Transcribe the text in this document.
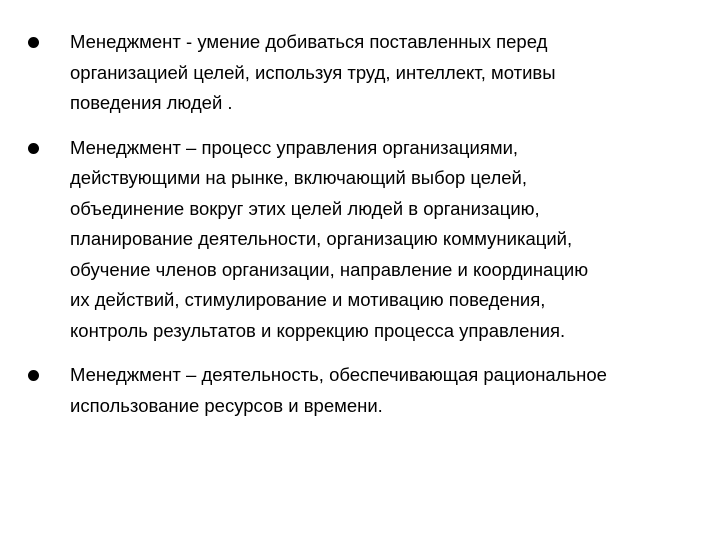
Менеджмент - умение добиваться поставленных перед
организацией целей, используя труд, интеллект, мотивы
поведения людей .
Менеджмент – процесс управления организациями,
действующими на рынке, включающий выбор целей,
объединение вокруг этих целей людей в организацию,
планирование деятельности, организацию коммуникаций,
обучение членов организации, направление и координацию
их действий, стимулирование и мотивацию поведения,
контроль результатов и коррекцию процесса управления.
Менеджмент – деятельность, обеспечивающая рациональное
использование ресурсов и времени.
